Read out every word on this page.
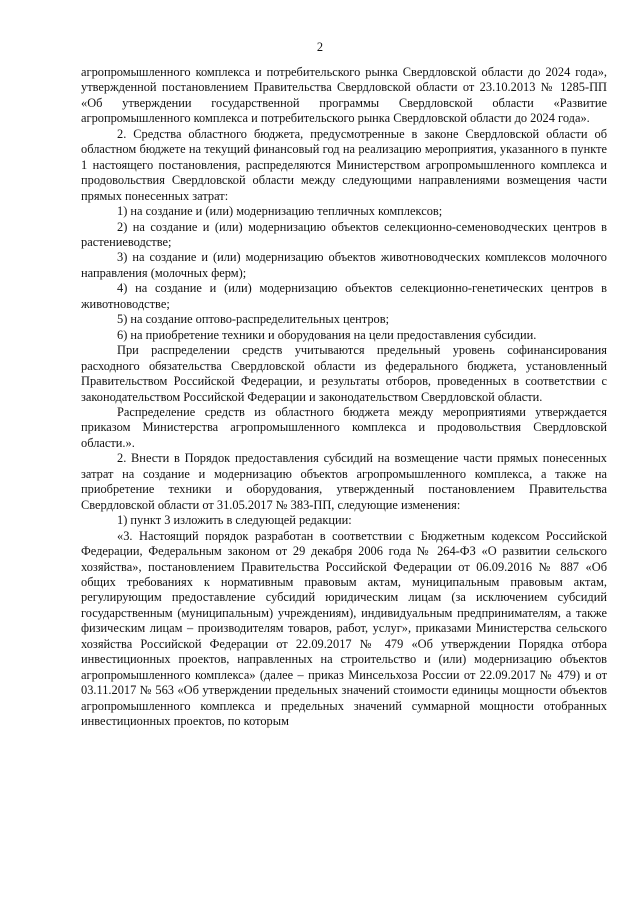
2

агропромышленного комплекса и потребительского рынка Свердловской области до 2024 года», утвержденной постановлением Правительства Свердловской области от 23.10.2013 № 1285-ПП «Об утверждении государственной программы Свердловской области «Развитие агропромышленного комплекса и потребительского рынка Свердловской области до 2024 года».

2. Средства областного бюджета, предусмотренные в законе Свердловской области об областном бюджете на текущий финансовый год на реализацию мероприятия, указанного в пункте 1 настоящего постановления, распределяются Министерством агропромышленного комплекса и продовольствия Свердловской области между следующими направлениями возмещения части прямых понесенных затрат:

1) на создание и (или) модернизацию тепличных комплексов;

2) на создание и (или) модернизацию объектов селекционно-семеноводческих центров в растениеводстве;

3) на создание и (или) модернизацию объектов животноводческих комплексов молочного направления (молочных ферм);

4) на создание и (или) модернизацию объектов селекционно-генетических центров в животноводстве;

5) на создание оптово-распределительных центров;

6) на приобретение техники и оборудования на цели предоставления субсидии.

При распределении средств учитываются предельный уровень софинансирования расходного обязательства Свердловской области из федерального бюджета, установленный Правительством Российской Федерации, и результаты отборов, проведенных в соответствии с законодательством Российской Федерации и законодательством Свердловской области.

Распределение средств из областного бюджета между мероприятиями утверждается приказом Министерства агропромышленного комплекса и продовольствия Свердловской области.».

2. Внести в Порядок предоставления субсидий на возмещение части прямых понесенных затрат на создание и модернизацию объектов агропромышленного комплекса, а также на приобретение техники и оборудования, утвержденный постановлением Правительства Свердловской области от 31.05.2017 № 383-ПП, следующие изменения:

1) пункт 3 изложить в следующей редакции:

«3. Настоящий порядок разработан в соответствии с Бюджетным кодексом Российской Федерации, Федеральным законом от 29 декабря 2006 года № 264-ФЗ «О развитии сельского хозяйства», постановлением Правительства Российской Федерации от 06.09.2016 № 887 «Об общих требованиях к нормативным правовым актам, муниципальным правовым актам, регулирующим предоставление субсидий юридическим лицам (за исключением субсидий государственным (муниципальным) учреждениям), индивидуальным предпринимателям, а также физическим лицам – производителям товаров, работ, услуг», приказами Министерства сельского хозяйства Российской Федерации от 22.09.2017 № 479 «Об утверждении Порядка отбора инвестиционных проектов, направленных на строительство и (или) модернизацию объектов агропромышленного комплекса» (далее – приказ Минсельхоза России от 22.09.2017 № 479) и от 03.11.2017 № 563 «Об утверждении предельных значений стоимости единицы мощности объектов агропромышленного комплекса и предельных значений суммарной мощности отобранных инвестиционных проектов, по которым
